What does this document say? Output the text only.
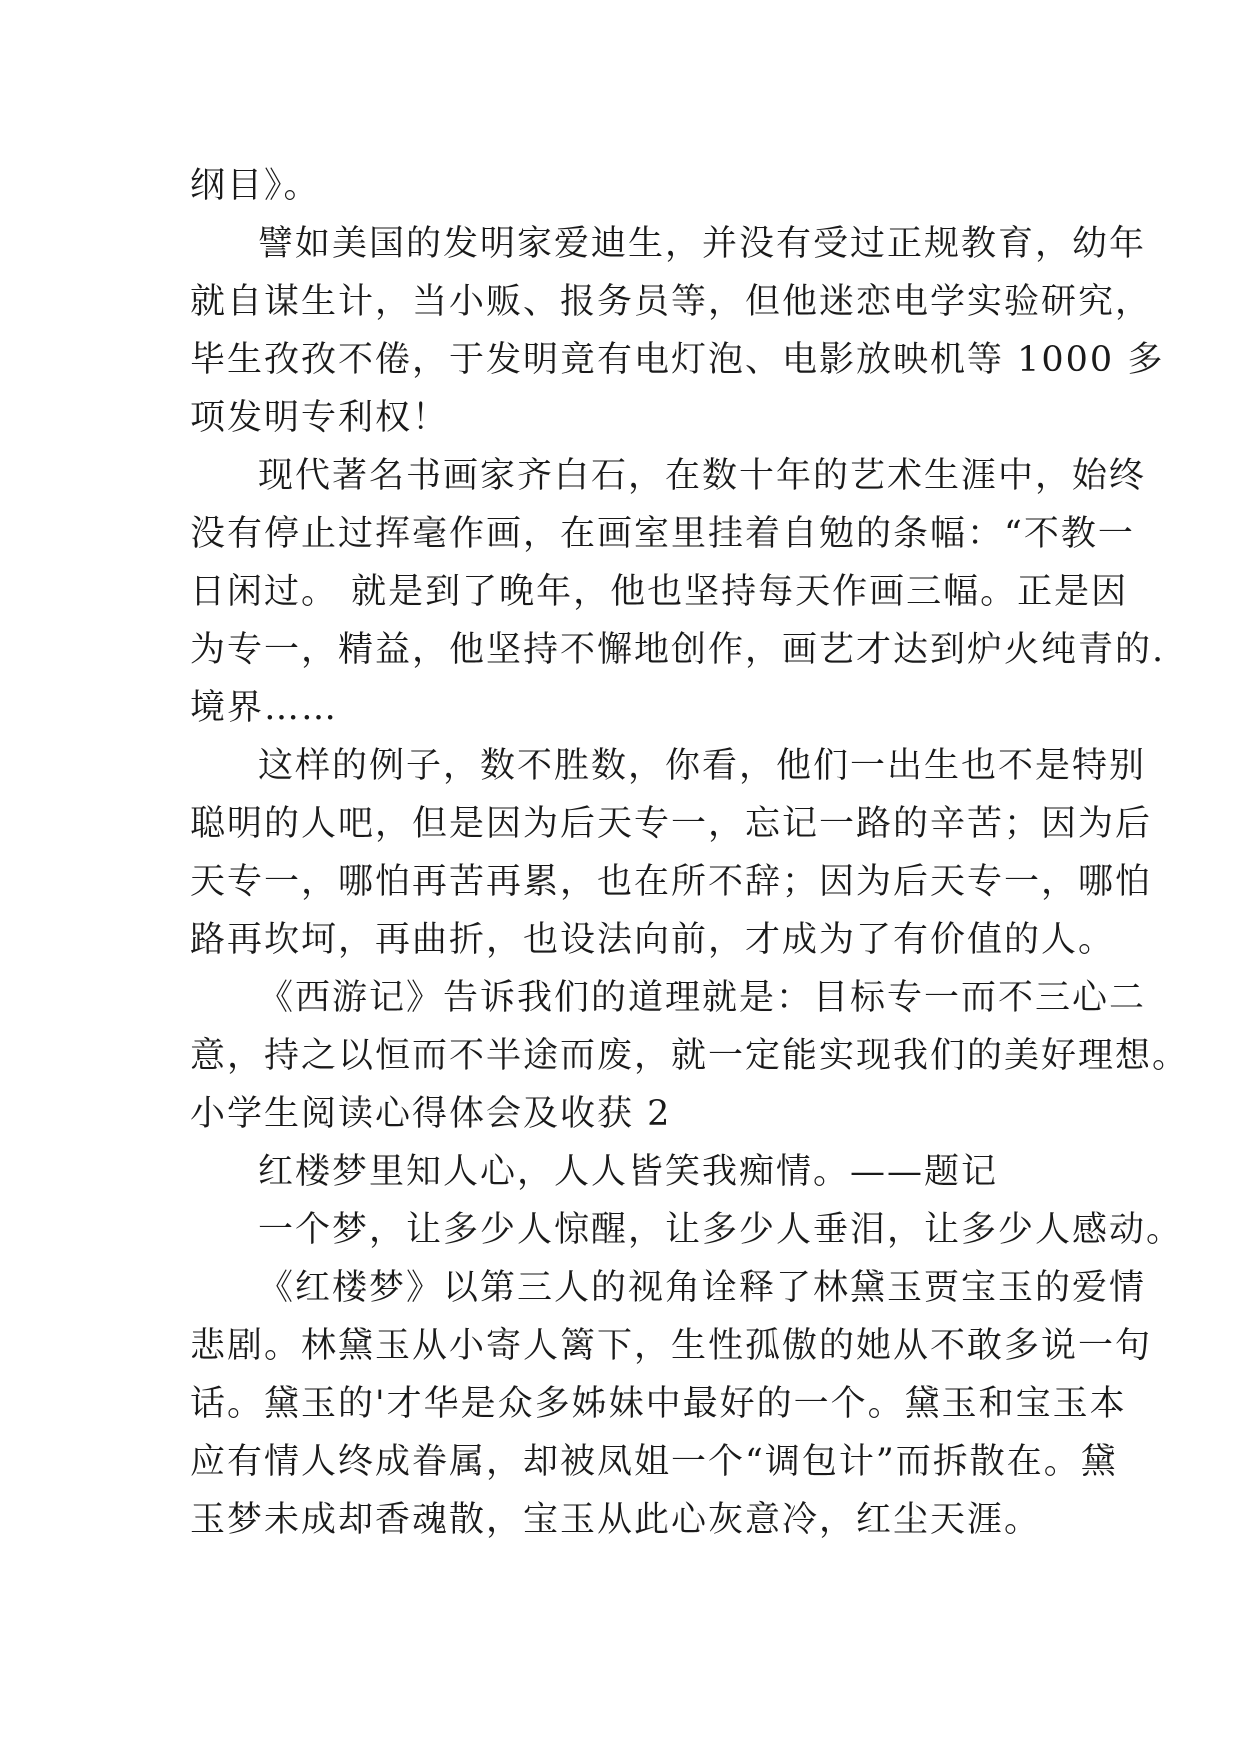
纲目》。
譬如美国的发明家爱迪生，并没有受过正规教育，幼年
就自谋生计，当小贩、报务员等，但他迷恋电学实验研究，
毕生孜孜不倦，于发明竟有电灯泡、电影放映机等 1000 多
项发明专利权！
现代著名书画家齐白石，在数十年的艺术生涯中，始终
没有停止过挥毫作画，在画室里挂着自勉的条幅：“不教一
日闲过。 就是到了晚年，他也坚持每天作画三幅。正是因
为专一，精益，他坚持不懈地创作，画艺才达到炉火纯青的.
境界……
这样的例子，数不胜数，你看，他们一出生也不是特别
聪明的人吧，但是因为后天专一，忘记一路的辛苦；因为后
天专一，哪怕再苦再累，也在所不辞；因为后天专一，哪怕
路再坎坷，再曲折，也设法向前，才成为了有价值的人。
《西游记》告诉我们的道理就是：目标专一而不三心二
意，持之以恒而不半途而废，就一定能实现我们的美好理想。
小学生阅读心得体会及收获 2
红楼梦里知人心，人人皆笑我痴情。——题记
一个梦，让多少人惊醒，让多少人垂泪，让多少人感动。
《红楼梦》以第三人的视角诠释了林黛玉贾宝玉的爱情
悲剧。林黛玉从小寄人篱下，生性孤傲的她从不敢多说一句
话。黛玉的'才华是众多姊妹中最好的一个。黛玉和宝玉本
应有情人终成眷属，却被凤姐一个“调包计”而拆散在。黛
玉梦未成却香魂散，宝玉从此心灰意冷，红尘天涯。
